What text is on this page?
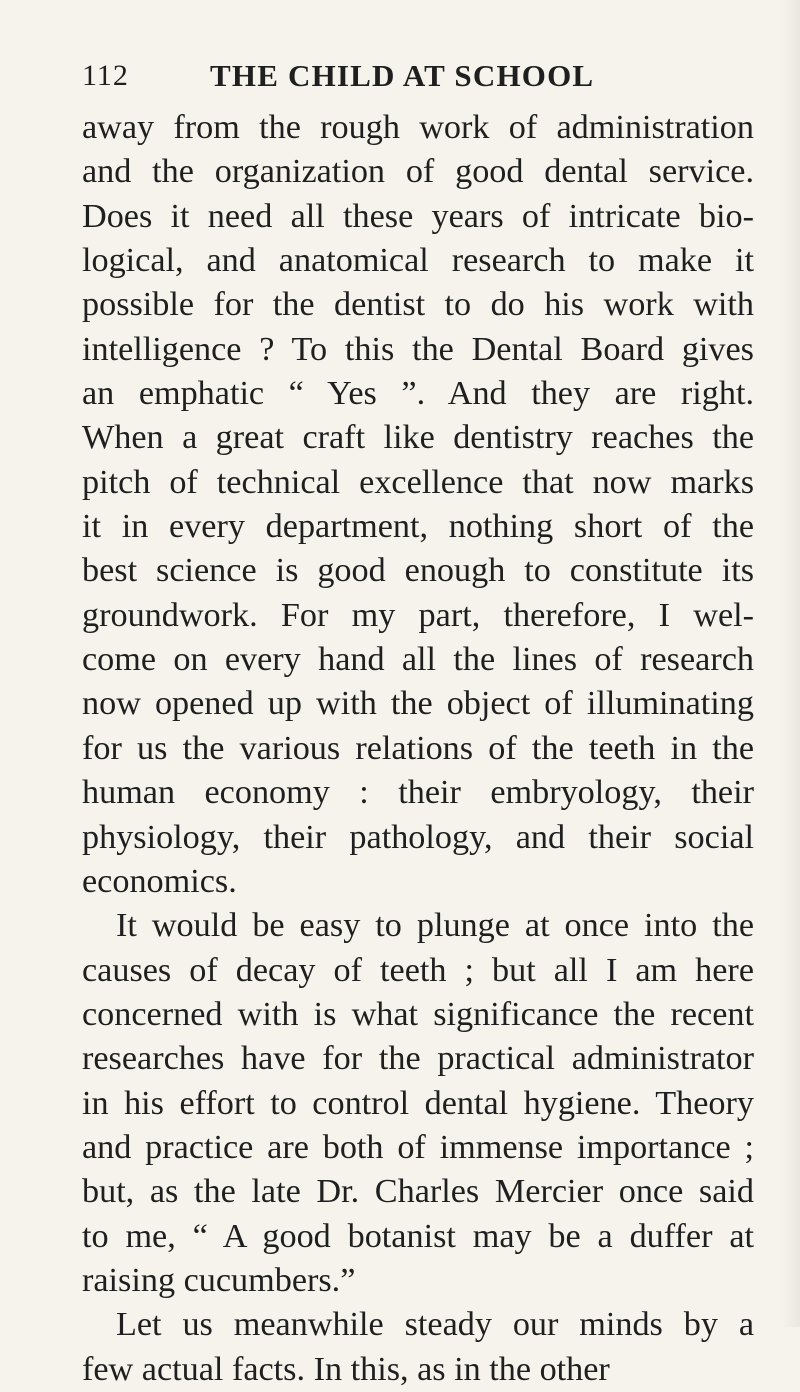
112	THE CHILD AT SCHOOL
away from the rough work of administration
and the organization of good dental service.
Does it need all these years of intricate bio-
logical, and anatomical research to make it
possible for the dentist to do his work with
intelligence ? To this the Dental Board gives
an emphatic “ Yes ”. And they are right.
When a great craft like dentistry reaches the
pitch of technical excellence that now marks
it in every department, nothing short of the
best science is good enough to constitute its
groundwork. For my part, therefore, I wel-
come on every hand all the lines of research
now opened up with the object of illuminating
for us the various relations of the teeth in the
human economy : their embryology, their
physiology, their pathology, and their social
economics.
It would be easy to plunge at once into the
causes of decay of teeth ; but all I am here
concerned with is what significance the recent
researches have for the practical administrator
in his effort to control dental hygiene. Theory
and practice are both of immense importance ;
but, as the late Dr. Charles Mercier once said
to me, “ A good botanist may be a duffer at
raising cucumbers.”
Let us meanwhile steady our minds by a
few actual facts. In this, as in the other
